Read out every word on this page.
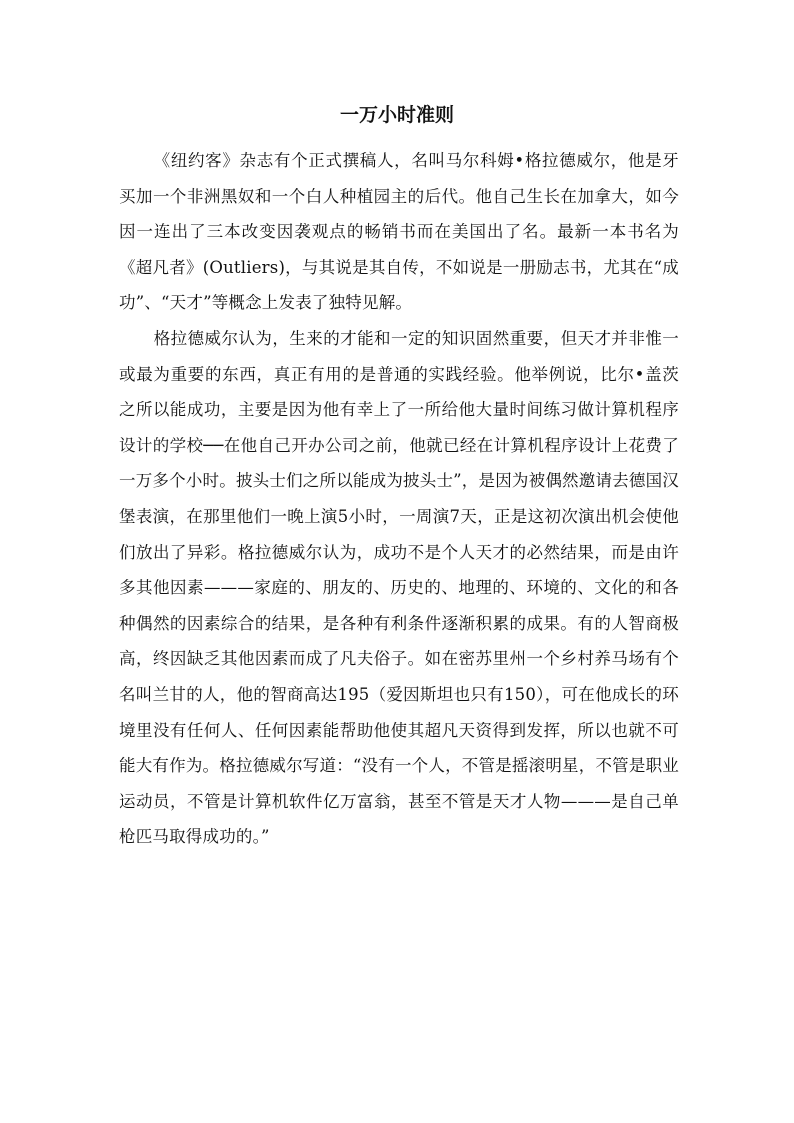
一万小时准则

《纽约客》杂志有个正式撰稿人，名叫马尔科姆•格拉德威尔，他是牙买加一个非洲黑奴和一个白人种植园主的后代。他自己生长在加拿大，如今因一连出了三本改变因袭观点的畅销书而在美国出了名。最新一本书名为《超凡者》(Outliers)，与其说是其自传，不如说是一册励志书，尤其在“成功”、“天才”等概念上发表了独特见解。

格拉德威尔认为，生来的才能和一定的知识固然重要，但天才并非惟一或最为重要的东西，真正有用的是普通的实践经验。他举例说，比尔•盖茨之所以能成功，主要是因为他有幸上了一所给他大量时间练习做计算机程序设计的学校──在他自己开办公司之前，他就已经在计算机程序设计上花费了一万多个小时。披头士们之所以能成为披头士”，是因为被偶然邀请去德国汉堡表演，在那里他们一晚上演5小时，一周演7天，正是这初次演出机会使他们放出了异彩。格拉德威尔认为，成功不是个人天才的必然结果，而是由许多其他因素———家庭的、朋友的、历史的、地理的、环境的、文化的和各种偶然的因素综合的结果，是各种有利条件逐渐积累的成果。有的人智商极高，终因缺乏其他因素而成了凡夫俗子。如在密苏里州一个乡村养马场有个名叫兰甘的人，他的智商高达195（爱因斯坦也只有150），可在他成长的环境里没有任何人、任何因素能帮助他使其超凡天资得到发挥，所以也就不可能大有作为。格拉德威尔写道：“没有一个人，不管是摇滚明星，不管是职业运动员，不管是计算机软件亿万富翁，甚至不管是天才人物———是自己单枪匹马取得成功的。”
